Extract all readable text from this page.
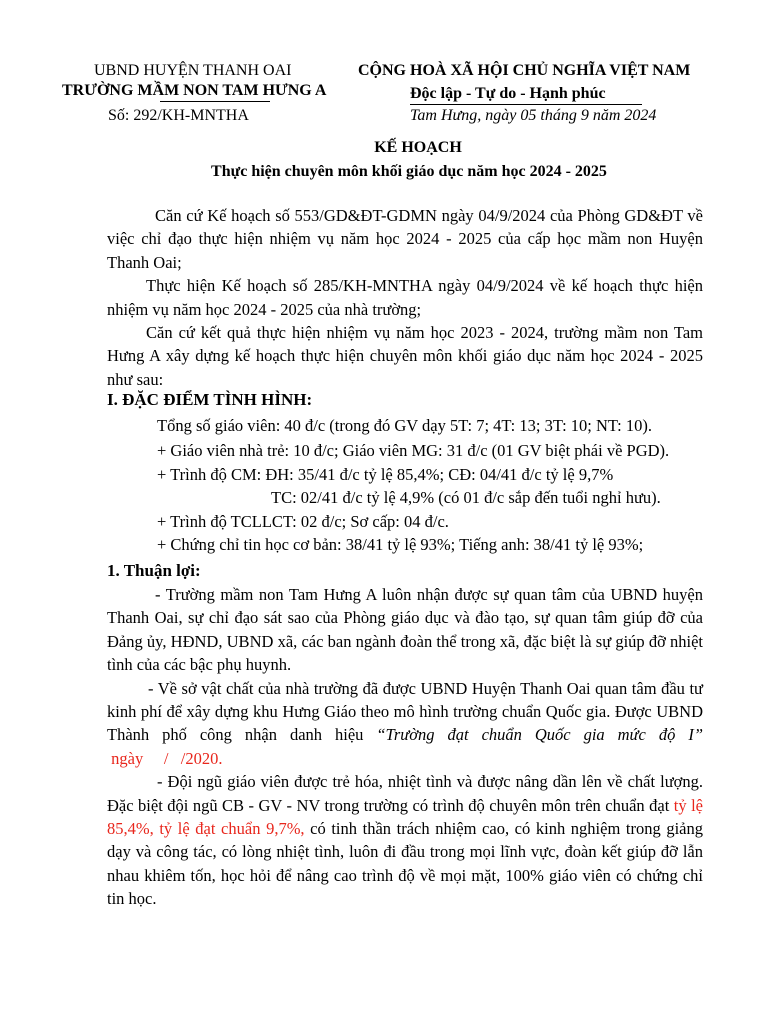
UBND HUYỆN THANH OAI
TRƯỜNG MẦM NON TAM HƯNG A
Số: 292/KH-MNTHA
CỘNG HOÀ XÃ HỘI CHỦ NGHĨA VIỆT NAM
Độc lập - Tự do - Hạnh phúc
Tam Hưng, ngày 05 tháng 9 năm 2024
KẾ HOẠCH
Thực hiện chuyên môn khối giáo dục năm học 2024 - 2025

Căn cứ Kế hoạch số 553/GD&ĐT-GDMN ngày 04/9/2024 của Phòng GD&ĐT về việc chỉ đạo thực hiện nhiệm vụ năm học 2024 - 2025 của cấp học mầm non Huyện Thanh Oai;

Thực hiện Kế hoạch số 285/KH-MNTHA ngày 04/9/2024 về kế hoạch thực hiện nhiệm vụ năm học 2024 - 2025 của nhà trường;

Căn cứ kết quả thực hiện nhiệm vụ năm học 2023 - 2024, trường mầm non Tam Hưng A xây dựng kế hoạch thực hiện chuyên môn khối giáo dục năm học 2024 - 2025 như sau:

I. ĐẶC ĐIỂM TÌNH HÌNH:
Tổng số giáo viên: 40 đ/c (trong đó GV dạy 5T: 7; 4T: 13; 3T: 10; NT: 10).
+ Giáo viên nhà trẻ: 10 đ/c; Giáo viên MG: 31 đ/c (01 GV biệt phái về PGD).
+ Trình độ CM: ĐH: 35/41 đ/c tỷ lệ 85,4%; CĐ: 04/41 đ/c tỷ lệ 9,7%
TC: 02/41 đ/c tỷ lệ 4,9% (có 01 đ/c sắp đến tuổi nghỉ hưu).
+ Trình độ TCLLCT: 02 đ/c; Sơ cấp: 04 đ/c.
+ Chứng chỉ tin học cơ bản: 38/41 tỷ lệ 93%; Tiếng anh: 38/41 tỷ lệ 93%;
1. Thuận lợi:

- Trường mầm non Tam Hưng A luôn nhận được sự quan tâm của UBND huyện Thanh Oai, sự chỉ đạo sát sao của Phòng giáo dục và đào tạo, sự quan tâm giúp đỡ của Đảng ủy, HĐND, UBND xã, các ban ngành đoàn thể trong xã, đặc biệt là sự giúp đỡ nhiệt tình của các bậc phụ huynh.

- Về sở vật chất của nhà trường đã được UBND Huyện Thanh Oai quan tâm đầu tư kinh phí để xây dựng khu Hưng Giáo theo mô hình trường chuẩn Quốc gia. Được UBND Thành phố công nhận danh hiệu “Trường đạt chuẩn Quốc gia mức độ I” ngày     /   /2020.

- Đội ngũ giáo viên được trẻ hóa, nhiệt tình và được nâng dần lên về chất lượng. Đặc biệt đội ngũ CB - GV - NV trong trường có trình độ chuyên môn trên chuẩn đạt tỷ lệ 85,4%, tỷ lệ đạt chuẩn 9,7%, có tinh thần trách nhiệm cao, có kinh nghiệm trong giảng dạy và công tác, có lòng nhiệt tình, luôn đi đầu trong mọi lĩnh vực, đoàn kết giúp đỡ lẫn nhau khiêm tốn, học hỏi để nâng cao trình độ về mọi mặt, 100% giáo viên có chứng chỉ tin học.
